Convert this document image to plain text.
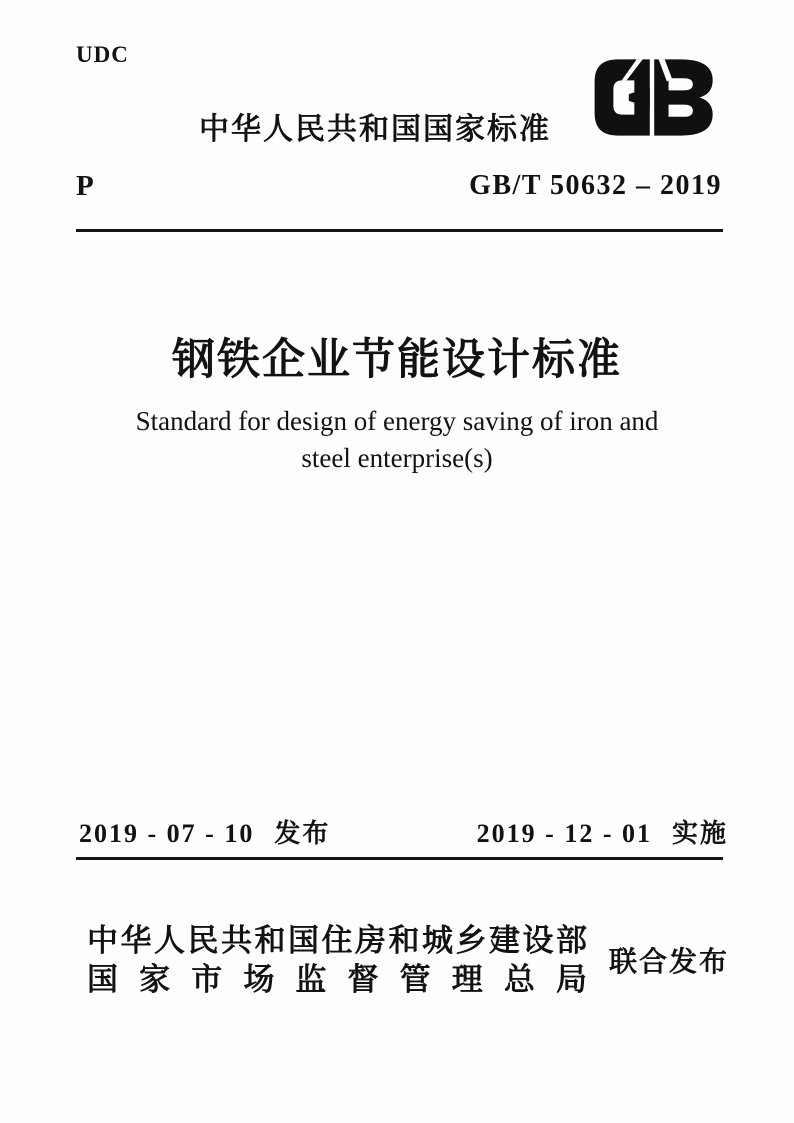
UDC
中华人民共和国国家标准
P	GB/T 50632 – 2019
钢铁企业节能设计标准
Standard for design of energy saving of iron and
steel enterprise(s)
2019 - 07 - 10 发布	2019 - 12 - 01 实施
中华人民共和国住房和城乡建设部
国家市场监督管理总局
联合发布
